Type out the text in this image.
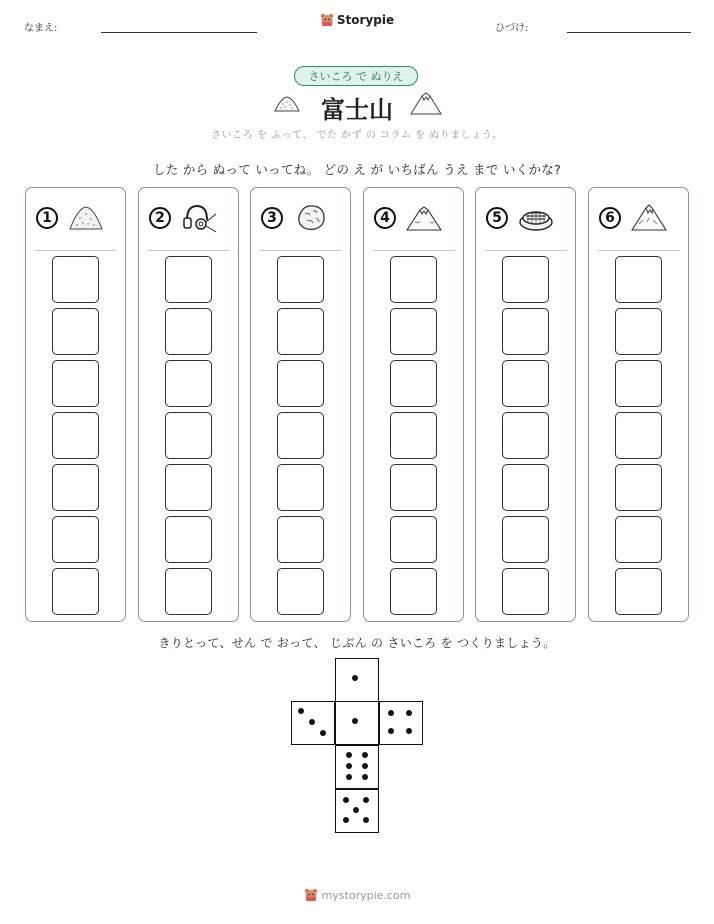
なまえ:
Storypie
ひづけ:
さいころ で ぬりえ
富士山
さいころ を ふって、 でた かず の コラム を ぬりましょう。
した から ぬって いってね。 どの え が いちばん うえ まで いくかな?
1	2	3	4	5	6
きりとって、せん で おって、 じぶん の さいころ を つくりましょう。
mystorypie.com
